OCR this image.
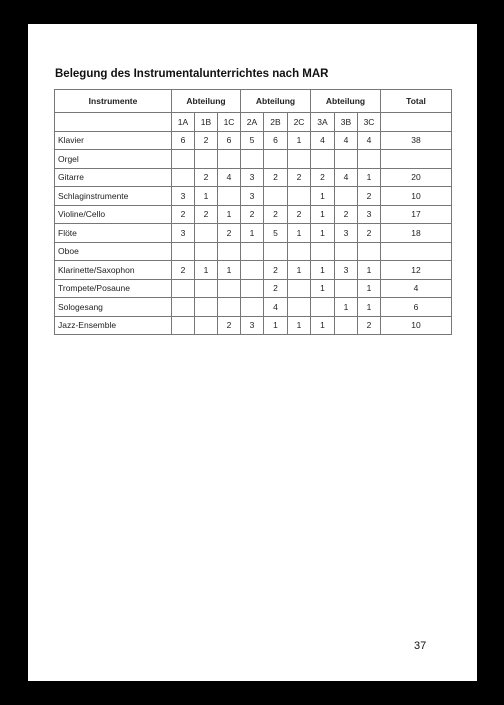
Belegung des Instrumentalunterrichtes nach MAR
Instrumente	Abteilung			Abteilung			Abteilung			Total
	1A	1B	1C	2A	2B	2C	3A	3B	3C	
Klavier	6	2	6	5	6	1	4	4	4	38
Orgel										
Gitarre		2	4	3	2	2	2	4	1	20
Schlaginstrumente	3	1		3			1		2	10
Violine/Cello	2	2	1	2	2	2	1	2	3	17
Flöte	3		2	1	5	1	1	3	2	18
Oboe										
Klarinette/Saxophon	2	1	1		2	1	1	3	1	12
Trompete/Posaune					2		1		1	4
Sologesang					4			1	1	6
Jazz-Ensemble			2	3	1	1	1		2	10
37
